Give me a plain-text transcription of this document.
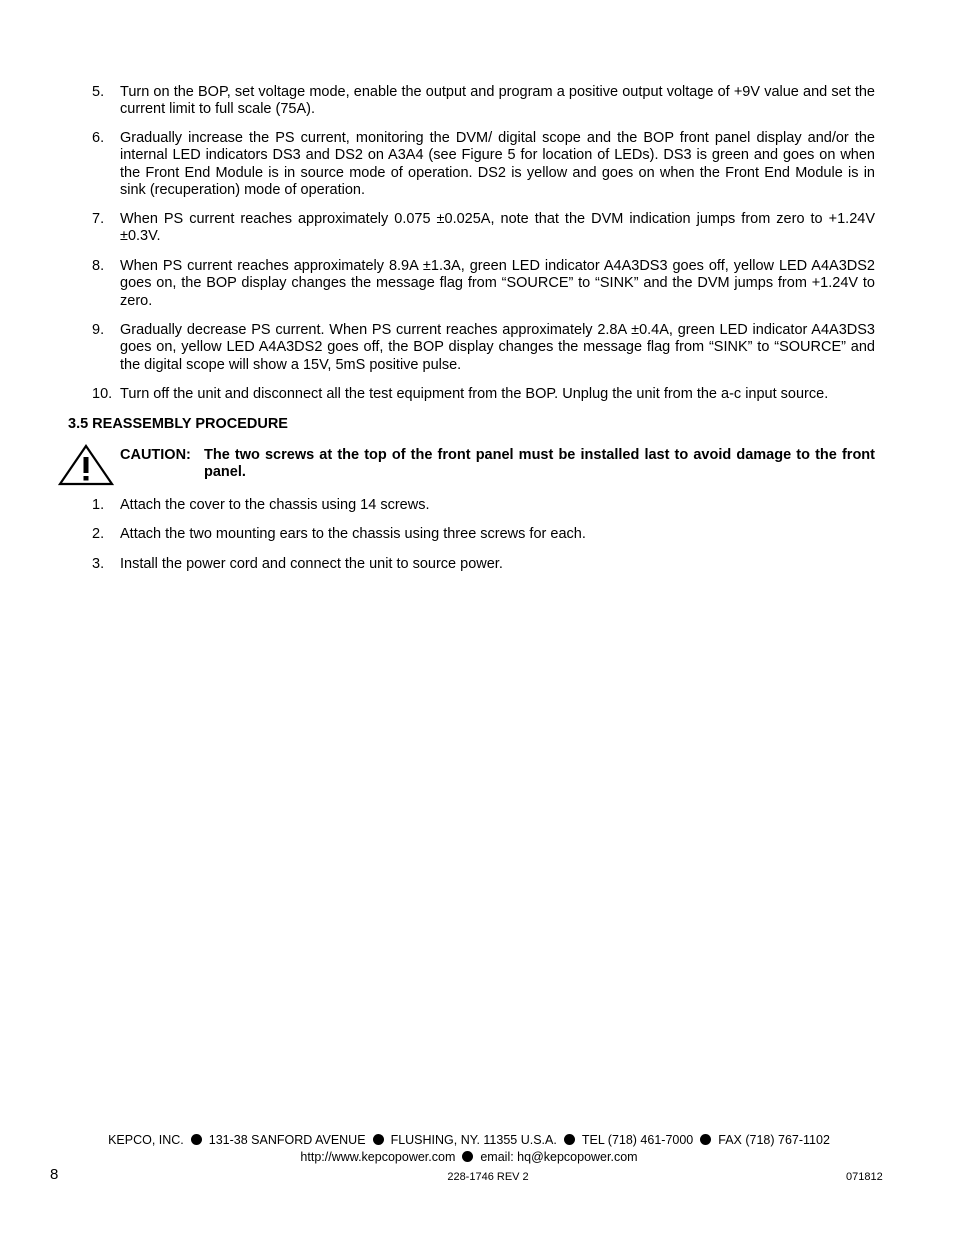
5. Turn on the BOP, set voltage mode, enable the output and program a positive output voltage of +9V value and set the current limit to full scale (75A).
6. Gradually increase the PS current, monitoring the DVM/ digital scope and the BOP front panel display and/or the internal LED indicators DS3 and DS2 on A3A4 (see Figure 5 for location of LEDs). DS3 is green and goes on when the Front End Module is in source mode of operation. DS2 is yellow and goes on when the Front End Module is in sink (recuperation) mode of operation.
7. When PS current reaches approximately 0.075 ±0.025A, note that the DVM indication jumps from zero to +1.24V ±0.3V.
8. When PS current reaches approximately 8.9A ±1.3A, green LED indicator A4A3DS3 goes off, yellow LED A4A3DS2 goes on, the BOP display changes the message flag from “SOURCE” to “SINK” and the DVM jumps from +1.24V to zero.
9. Gradually decrease PS current. When PS current reaches approximately 2.8A ±0.4A, green LED indicator A4A3DS3 goes on, yellow LED A4A3DS2 goes off, the BOP display changes the message flag from “SINK” to “SOURCE” and the digital scope will show a 15V, 5mS positive pulse.
10. Turn off the unit and disconnect all the test equipment from the BOP. Unplug the unit from the a-c input source.
3.5 REASSEMBLY PROCEDURE
CAUTION: The two screws at the top of the front panel must be installed last to avoid damage to the front panel.
1. Attach the cover to the chassis using 14 screws.
2. Attach the two mounting ears to the chassis using three screws for each.
3. Install the power cord and connect the unit to source power.
KEPCO, INC. 131-38 SANFORD AVENUE FLUSHING, NY. 11355 U.S.A. TEL (718) 461-7000 FAX (718) 767-1102
http://www.kepcopower.com email: hq@kepcopower.com
8	228-1746 REV 2	071812
